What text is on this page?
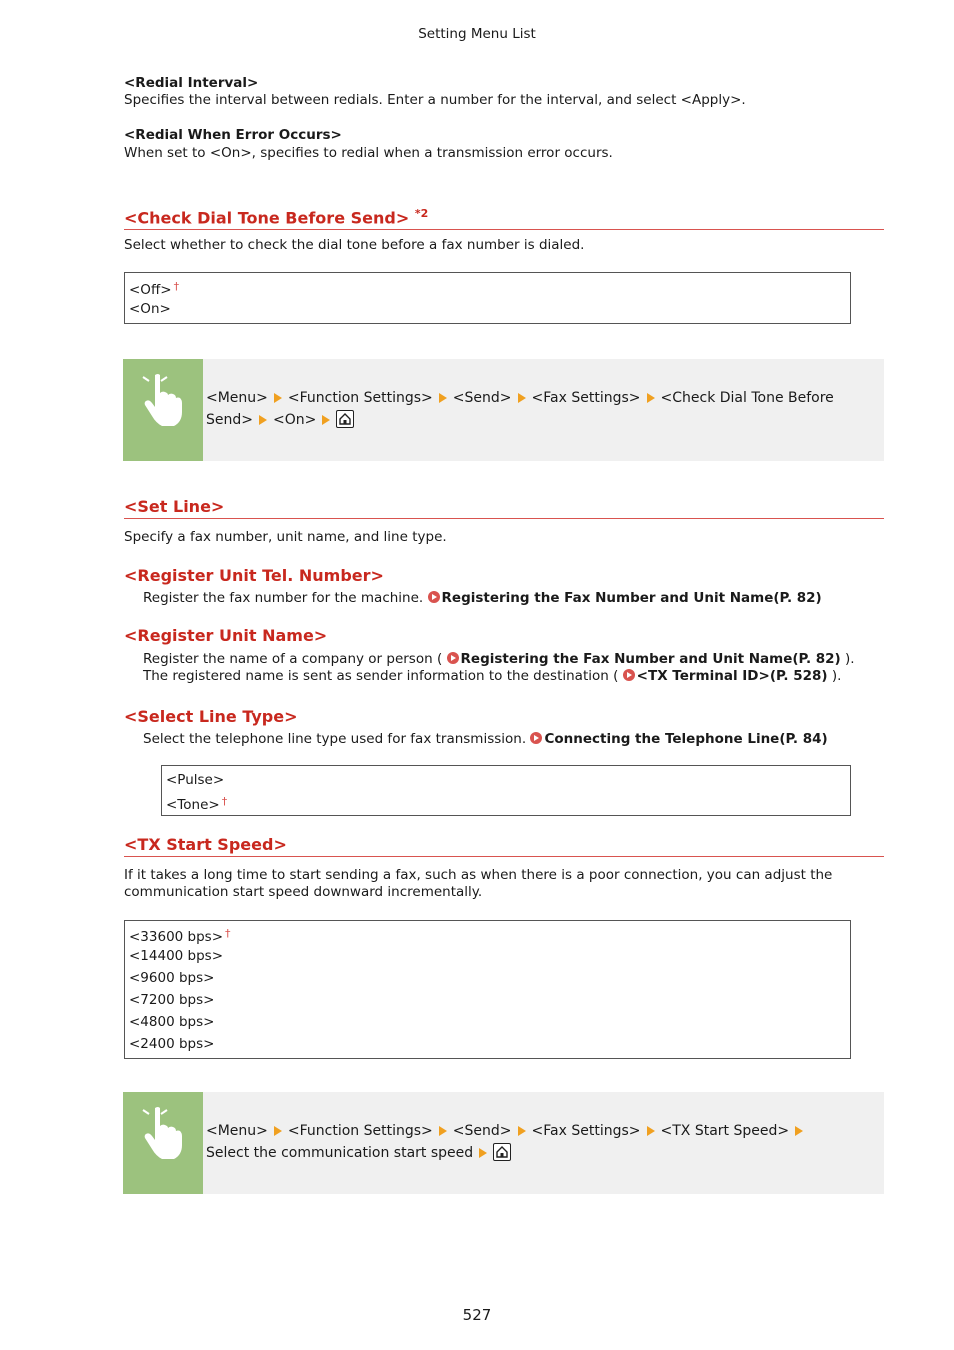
Setting Menu List
<Redial Interval>
Specifies the interval between redials. Enter a number for the interval, and select <Apply>.
<Redial When Error Occurs>
When set to <On>, specifies to redial when a transmission error occurs.
<Check Dial Tone Before Send> $^{*2}$
Select whether to check the dial tone before a fax number is dialed.
<Off> †
<On>
<Menu> <Function Settings> <Send> <Fax Settings> <Check Dial Tone Before Send> <On>
<Set Line>
Specify a fax number, unit name, and line type.
<Register Unit Tel. Number>
Register the fax number for the machine. Registering the Fax Number and Unit Name(P. 82)
<Register Unit Name>
Register the name of a company or person ( Registering the Fax Number and Unit Name(P. 82) ). The registered name is sent as sender information to the destination ( <TX Terminal ID>(P. 528) ).
<Select Line Type>
Select the telephone line type used for fax transmission. Connecting the Telephone Line(P. 84)
<Pulse>
<Tone> †
<TX Start Speed>
If it takes a long time to start sending a fax, such as when there is a poor connection, you can adjust the communication start speed downward incrementally.
<33600 bps> †
<14400 bps>
<9600 bps>
<7200 bps>
<4800 bps>
<2400 bps>
<Menu> <Function Settings> <Send> <Fax Settings> <TX Start Speed>Select the communication start speed
527
